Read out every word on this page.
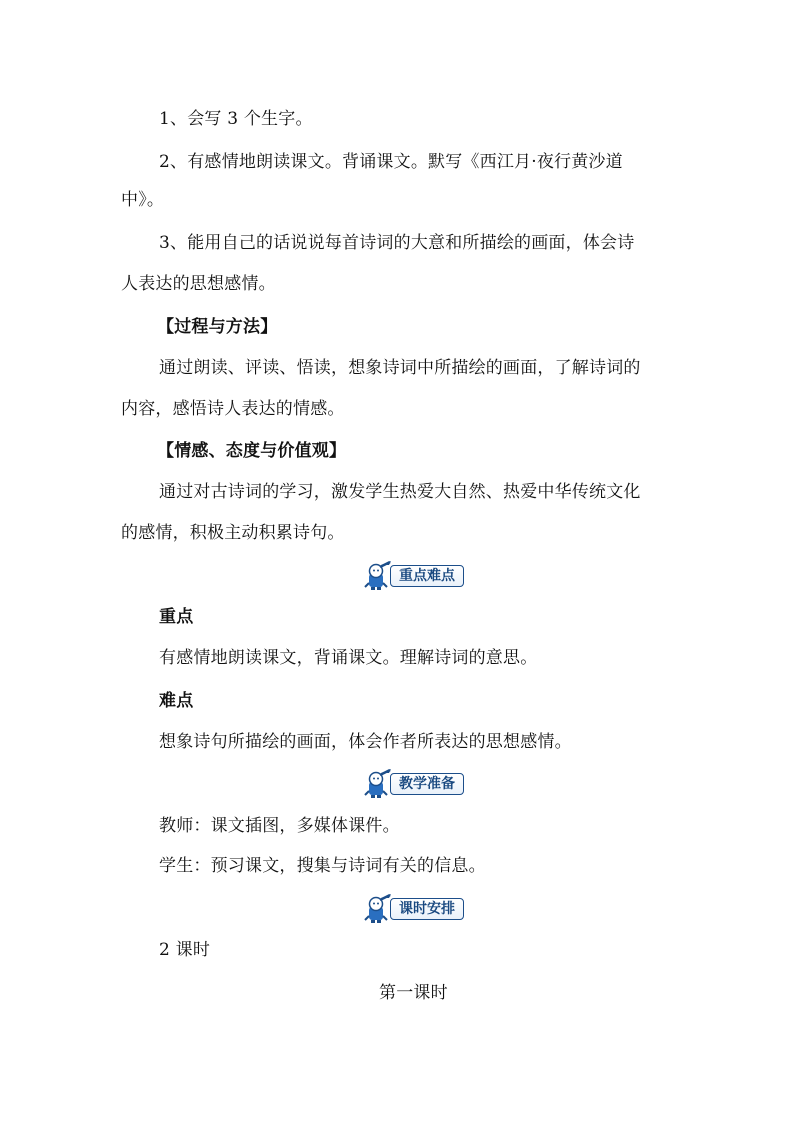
1、会写 3 个生字。
2、有感情地朗读课文。背诵课文。默写《西江月·夜行黄沙道
中》。
3、能用自己的话说说每首诗词的大意和所描绘的画面，体会诗
人表达的思想感情。
【过程与方法】
通过朗读、评读、悟读，想象诗词中所描绘的画面，了解诗词的
内容，感悟诗人表达的情感。
【情感、态度与价值观】
通过对古诗词的学习，激发学生热爱大自然、热爱中华传统文化
的感情，积极主动积累诗句。
重点难点
重点
有感情地朗读课文，背诵课文。理解诗词的意思。
难点
想象诗句所描绘的画面，体会作者所表达的思想感情。
教学准备
教师：课文插图，多媒体课件。
学生：预习课文，搜集与诗词有关的信息。
课时安排
2 课时
第一课时
